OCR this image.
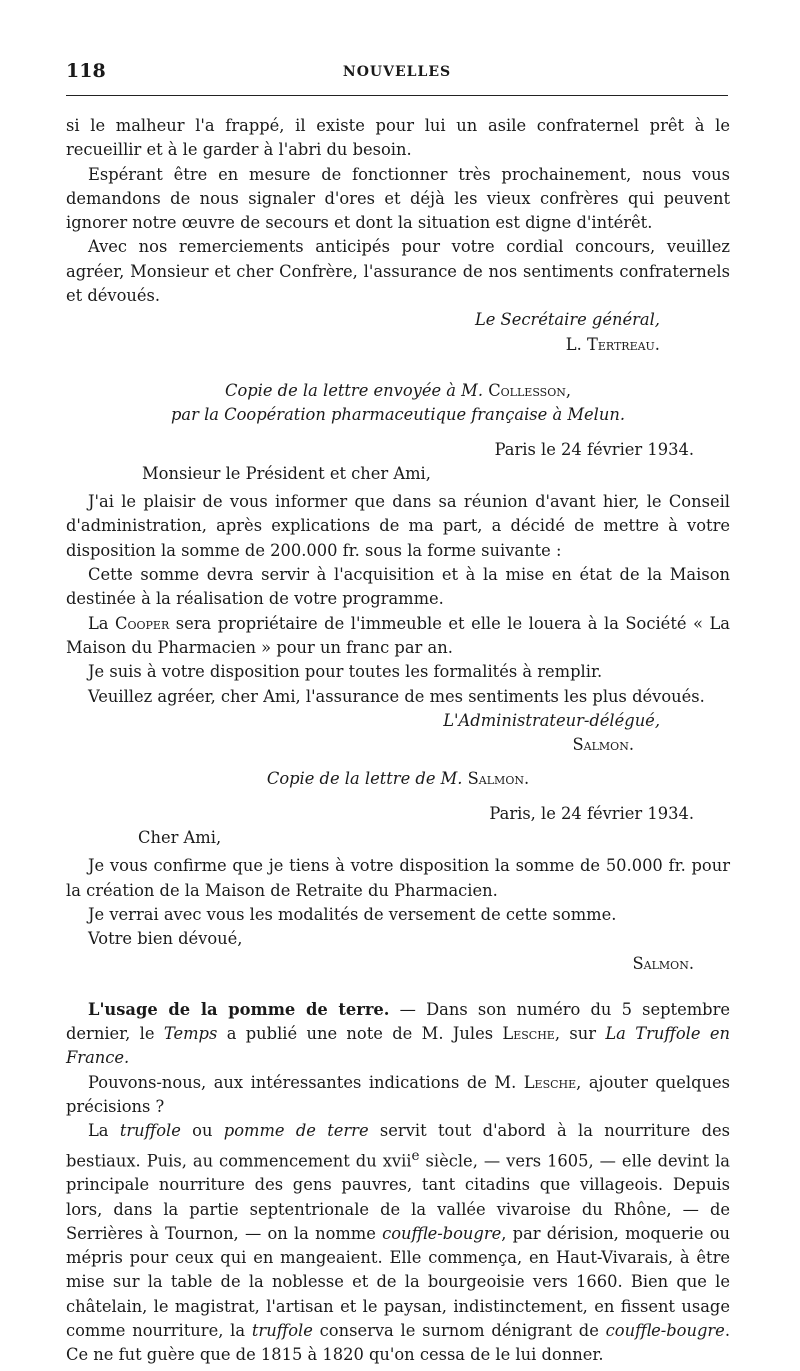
118	NOUVELLES

si le malheur l'a frappé, il existe pour lui un asile confraternel prêt à le recueillir et à le garder à l'abri du besoin.

Espérant être en mesure de fonctionner très prochainement, nous vous demandons de nous signaler d'ores et déjà les vieux confrères qui peuvent ignorer notre œuvre de secours et dont la situation est digne d'intérêt.

Avec nos remerciements anticipés pour votre cordial concours, veuillez agréer, Monsieur et cher Confrère, l'assurance de nos sentiments confraternels et dévoués.

Le Secrétaire général,

L. Tertreau.

Copie de la lettre envoyée à M. Collesson,

par la Coopération pharmaceutique française à Melun.

Paris le 24 février 1934.

Monsieur le Président et cher Ami,

J'ai le plaisir de vous informer que dans sa réunion d'avant hier, le Conseil d'administration, après explications de ma part, a décidé de mettre à votre disposition la somme de 200.000 fr. sous la forme suivante :

Cette somme devra servir à l'acquisition et à la mise en état de la Maison destinée à la réalisation de votre programme.

La Cooper sera propriétaire de l'immeuble et elle le louera à la Société « La Maison du Pharmacien » pour un franc par an.

Je suis à votre disposition pour toutes les formalités à remplir.

Veuillez agréer, cher Ami, l'assurance de mes sentiments les plus dévoués.

L'Administrateur-délégué,

Salmon.

Copie de la lettre de M. Salmon.

Paris, le 24 février 1934.

Cher Ami,

Je vous confirme que je tiens à votre disposition la somme de 50.000 fr. pour la création de la Maison de Retraite du Pharmacien.

Je verrai avec vous les modalités de versement de cette somme.

Votre bien dévoué,

Salmon.

L'usage de la pomme de terre. — Dans son numéro du 5 septembre dernier, le Temps a publié une note de M. Jules Lesche, sur La Truffole en France.

Pouvons-nous, aux intéressantes indications de M. Lesche, ajouter quelques précisions ?

La truffole ou pomme de terre servit tout d'abord à la nourriture des bestiaux. Puis, au commencement du xvii$^e$ siècle, — vers 1605, — elle devint la principale nourriture des gens pauvres, tant citadins que villageois. Depuis lors, dans la partie septentrionale de la vallée vivaroise du Rhône, — de Serrières à Tournon, — on la nomme couffle-bougre, par dérision, moquerie ou mépris pour ceux qui en mangeaient. Elle commença, en Haut-Vivarais, à être mise sur la table de la noblesse et de la bourgeoisie vers 1660. Bien que le châtelain, le magistrat, l'artisan et le paysan, indistinctement, en fissent usage comme nourriture, la truffole conserva le surnom dénigrant de couffle-bougre. Ce ne fut guère que de 1815 à 1820 qu'on cessa de le lui donner.
